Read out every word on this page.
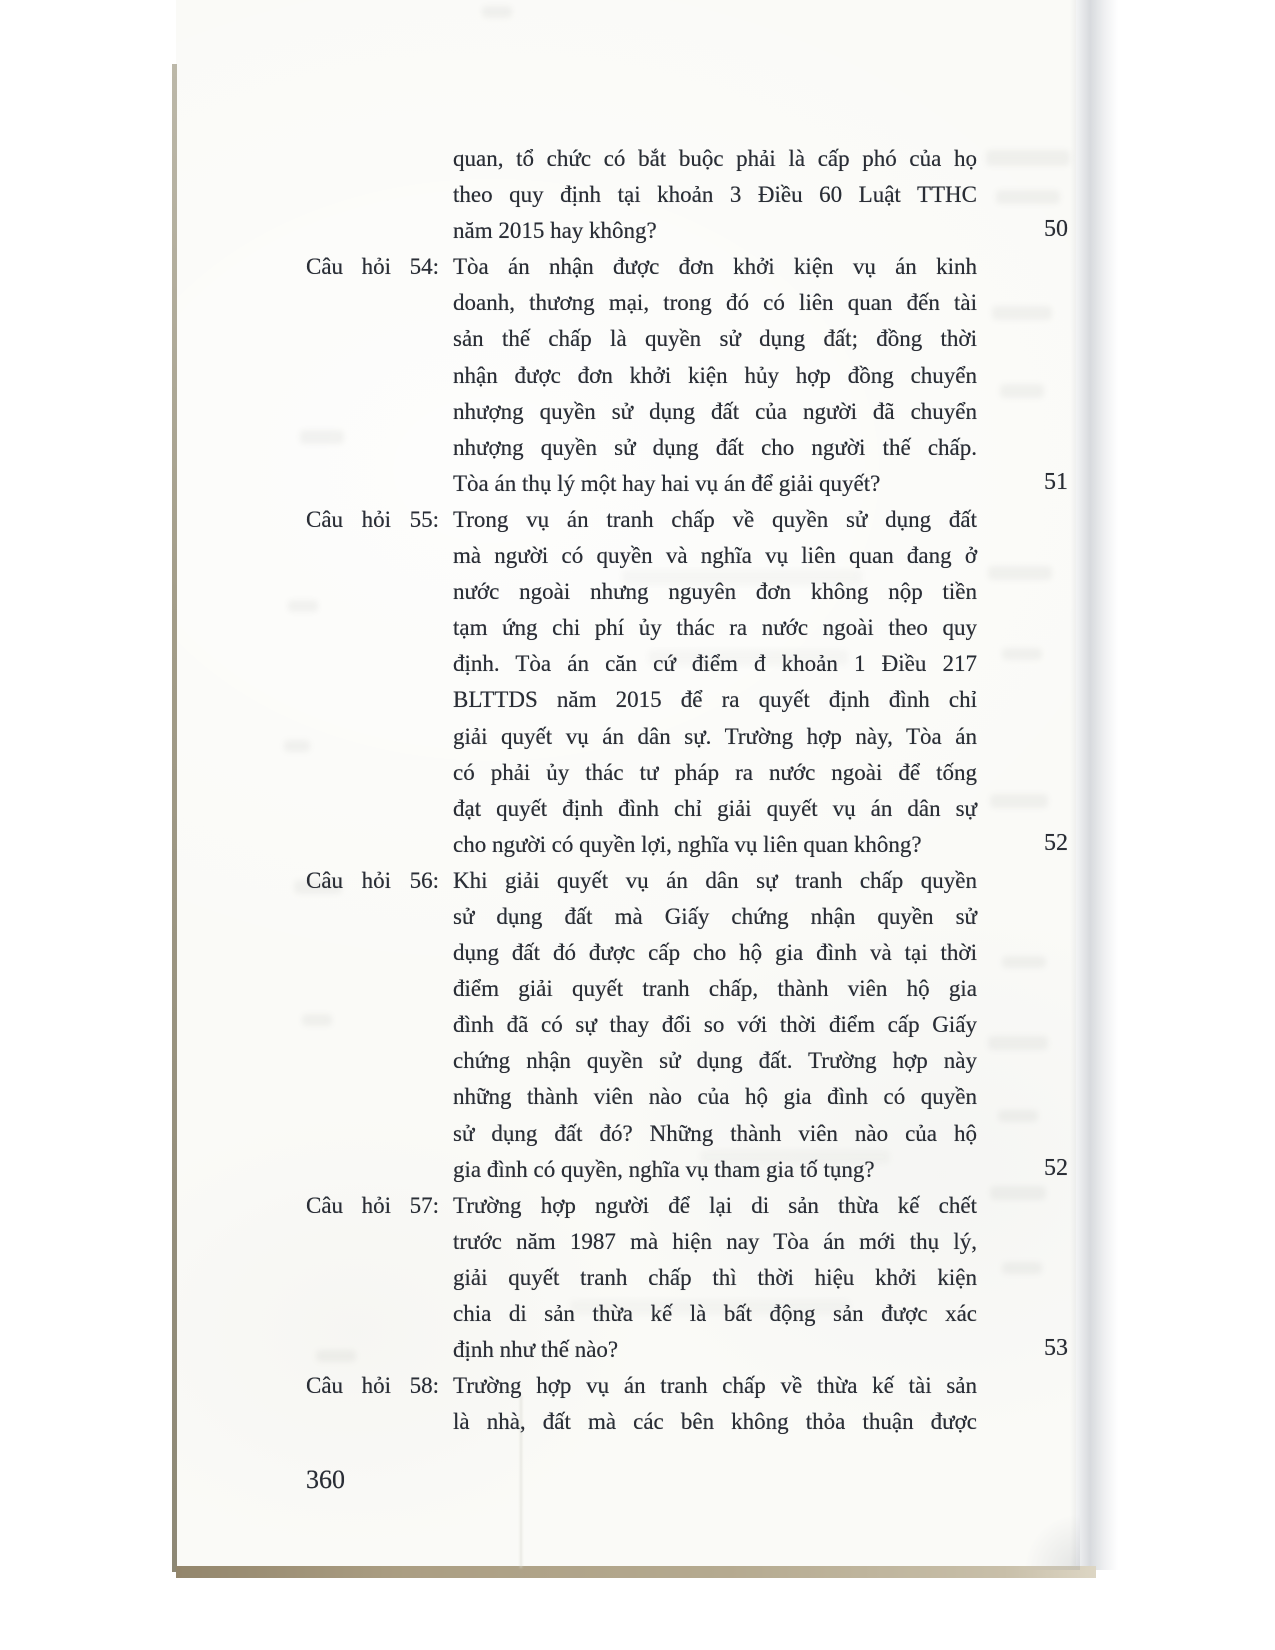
quan, tổ chức có bắt buộc phải là cấp phó của họ
theo quy định tại khoản 3 Điều 60 Luật TTHC
năm 2015 hay không?	50
Câu hỏi 54: Tòa án nhận được đơn khởi kiện vụ án kinh
doanh, thương mại, trong đó có liên quan đến tài
sản thế chấp là quyền sử dụng đất; đồng thời
nhận được đơn khởi kiện hủy hợp đồng chuyển
nhượng quyền sử dụng đất của người đã chuyển
nhượng quyền sử dụng đất cho người thế chấp.
Tòa án thụ lý một hay hai vụ án để giải quyết?	51
Câu hỏi 55: Trong vụ án tranh chấp về quyền sử dụng đất
mà người có quyền và nghĩa vụ liên quan đang ở
nước ngoài nhưng nguyên đơn không nộp tiền
tạm ứng chi phí ủy thác ra nước ngoài theo quy
định. Tòa án căn cứ điểm đ khoản 1 Điều 217
BLTTDS năm 2015 để ra quyết định đình chỉ
giải quyết vụ án dân sự. Trường hợp này, Tòa án
có phải ủy thác tư pháp ra nước ngoài để tống
đạt quyết định đình chỉ giải quyết vụ án dân sự
cho người có quyền lợi, nghĩa vụ liên quan không?	52
Câu hỏi 56: Khi giải quyết vụ án dân sự tranh chấp quyền
sử dụng đất mà Giấy chứng nhận quyền sử
dụng đất đó được cấp cho hộ gia đình và tại thời
điểm giải quyết tranh chấp, thành viên hộ gia
đình đã có sự thay đổi so với thời điểm cấp Giấy
chứng nhận quyền sử dụng đất. Trường hợp này
những thành viên nào của hộ gia đình có quyền
sử dụng đất đó? Những thành viên nào của hộ
gia đình có quyền, nghĩa vụ tham gia tố tụng?	52
Câu hỏi 57: Trường hợp người để lại di sản thừa kế chết
trước năm 1987 mà hiện nay Tòa án mới thụ lý,
giải quyết tranh chấp thì thời hiệu khởi kiện
chia di sản thừa kế là bất động sản được xác
định như thế nào?	53
Câu hỏi 58: Trường hợp vụ án tranh chấp về thừa kế tài sản
là nhà, đất mà các bên không thỏa thuận được
360
